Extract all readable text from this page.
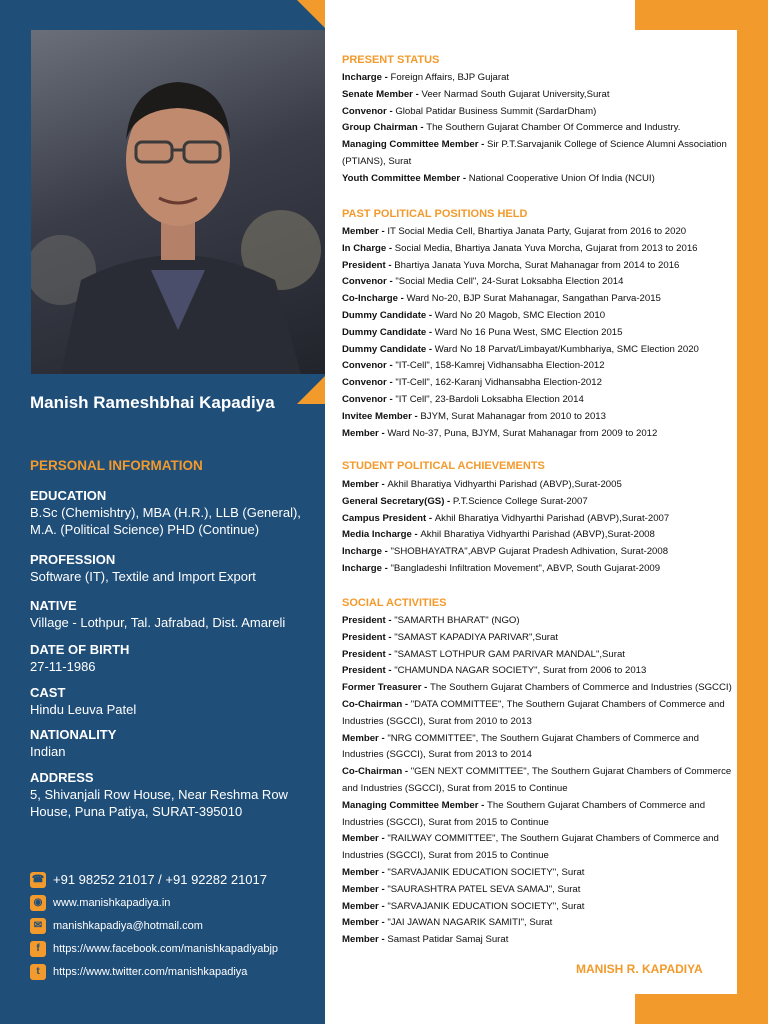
Manish Rameshbhai Kapadiya
PERSONAL INFORMATION
EDUCATION
B.Sc (Chemishtry), MBA (H.R.), LLB (General), M.A. (Political Science) PHD (Continue)
PROFESSION
Software (IT), Textile and Import Export
NATIVE
Village - Lothpur, Tal. Jafrabad, Dist. Amareli
DATE OF BIRTH
27-11-1986
CAST
Hindu Leuva Patel
NATIONALITY
Indian
ADDRESS
5, Shivanjali Row House, Near Reshma Row House, Puna Patiya, SURAT-395010
☎ +91 98252 21017 / +91 92282 21017
◉ www.manishkapadiya.in
✉ manishkapadiya@hotmail.com
f	https://www.facebook.com/manishkapadiyabjp
t	https://www.twitter.com/manishkapadiya
PRESENT STATUS
Incharge - Foreign Affairs, BJP Gujarat
Senate Member - Veer Narmad South Gujarat University,Surat
Convenor - Global Patidar Business Summit (SardarDham)
Group Chairman - The Southern Gujarat Chamber Of Commerce and Industry.
Managing Committee Member - Sir P.T.Sarvajanik College of Science Alumni Association (PTIANS), Surat
Youth Committee Member - National Cooperative Union Of India (NCUI)
PAST POLITICAL POSITIONS HELD
Member - IT Social Media Cell, Bhartiya Janata Party, Gujarat from 2016 to 2020
In Charge - Social Media, Bhartiya Janata Yuva Morcha, Gujarat from 2013 to 2016
President - Bhartiya Janata Yuva Morcha, Surat Mahanagar from 2014 to 2016
Convenor - "Social Media Cell", 24-Surat Loksabha Election 2014
Co-Incharge - Ward No-20, BJP Surat Mahanagar, Sangathan Parva-2015
Dummy Candidate - Ward No 20 Magob, SMC Election 2010
Dummy Candidate - Ward No 16 Puna West, SMC Election 2015
Dummy Candidate - Ward No 18 Parvat/Limbayat/Kumbhariya, SMC Election 2020
Convenor - "IT-Cell", 158-Kamrej Vidhansabha Election-2012
Convenor - "IT-Cell", 162-Karanj Vidhansabha Election-2012
Convenor - "IT Cell", 23-Bardoli Loksabha Election 2014
Invitee Member - BJYM, Surat Mahanagar from 2010 to 2013
Member - Ward No-37, Puna, BJYM, Surat Mahanagar from 2009 to 2012
STUDENT POLITICAL ACHIEVEMENTS
Member - Akhil Bharatiya Vidhyarthi Parishad (ABVP),Surat-2005
General Secretary(GS) - P.T.Science College Surat-2007
Campus President - Akhil Bharatiya Vidhyarthi Parishad (ABVP),Surat-2007
Media Incharge - Akhil Bharatiya Vidhyarthi Parishad (ABVP),Surat-2008
Incharge - "SHOBHAYATRA",ABVP Gujarat Pradesh Adhivation, Surat-2008
Incharge - "Bangladeshi Infiltration Movement", ABVP, South Gujarat-2009
SOCIAL ACTIVITIES
President - "SAMARTH BHARAT" (NGO)
President - "SAMAST KAPADIYA PARIVAR",Surat
President - "SAMAST LOTHPUR GAM PARIVAR MANDAL",Surat
President - "CHAMUNDA NAGAR SOCIETY", Surat from 2006 to 2013
Former Treasurer - The Southern Gujarat Chambers of Commerce and Industries (SGCCI)
Co-Chairman - "DATA COMMITTEE", The Southern Gujarat Chambers of Commerce and Industries (SGCCI), Surat from 2010 to 2013
Member - "NRG COMMITTEE", The Southern Gujarat Chambers of Commerce and Industries (SGCCI), Surat from 2013 to 2014
Co-Chairman - "GEN NEXT COMMITTEE", The Southern Gujarat Chambers of Commerce and Industries (SGCCI), Surat from 2015 to Continue
Managing Committee Member - The Southern Gujarat Chambers of Commerce and Industries (SGCCI), Surat from 2015 to Continue
Member - "RAILWAY COMMITTEE", The Southern Gujarat Chambers of Commerce and Industries (SGCCI), Surat from 2015 to Continue
Member - "SARVAJANIK EDUCATION SOCIETY", Surat
Member - "SAURASHTRA PATEL SEVA SAMAJ", Surat
Member - "SARVAJANIK EDUCATION SOCIETY", Surat
Member - "JAI JAWAN NAGARIK SAMITI", Surat
Member - Samast Patidar Samaj Surat
MANISH R. KAPADIYA
